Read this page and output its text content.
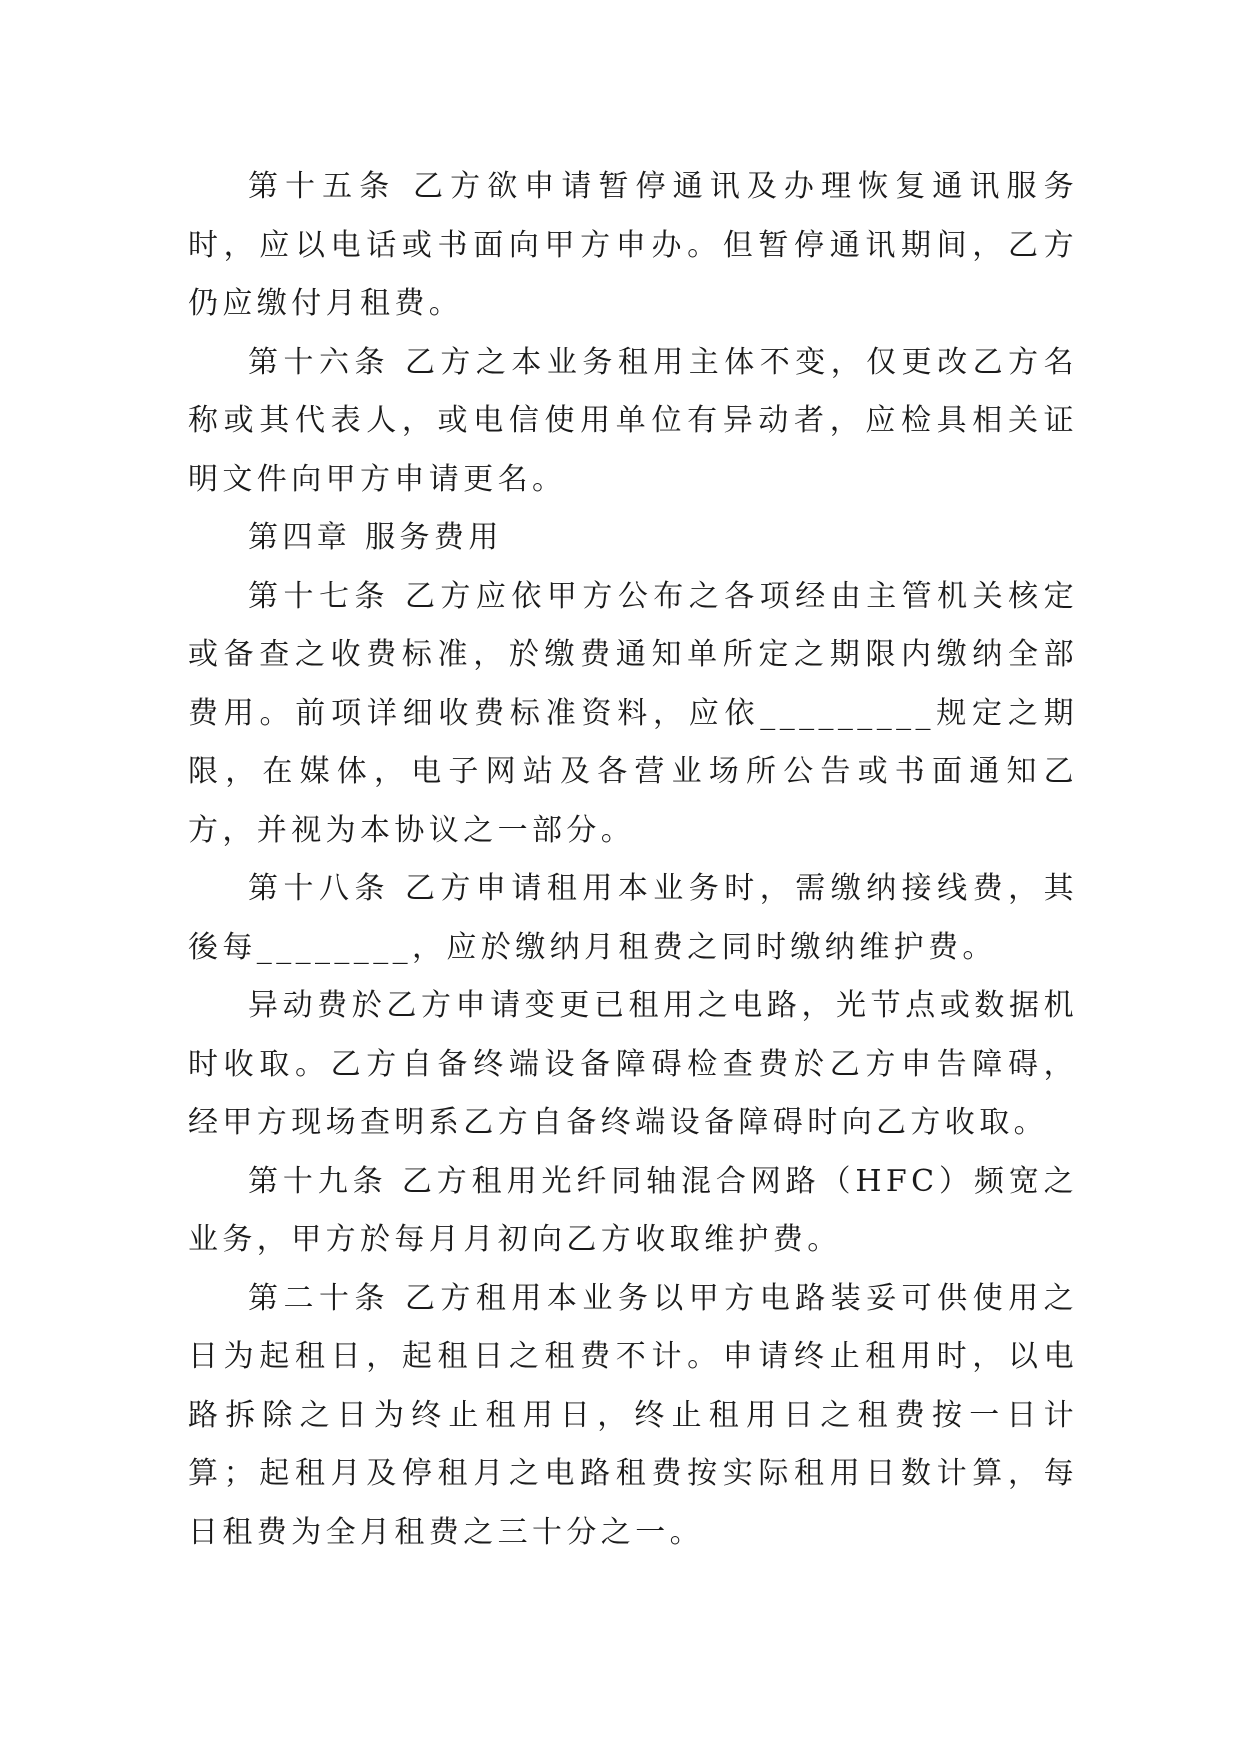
第十五条 乙方欲申请暂停通讯及办理恢复通讯服务时，应以电话或书面向甲方申办。但暂停通讯期间，乙方仍应缴付月租费。

第十六条 乙方之本业务租用主体不变，仅更改乙方名称或其代表人，或电信使用单位有异动者，应检具相关证明文件向甲方申请更名。

第四章 服务费用

第十七条 乙方应依甲方公布之各项经由主管机关核定或备查之收费标准，於缴费通知单所定之期限内缴纳全部费用。前项详细收费标准资料，应依_________规定之期限，在媒体，电子网站及各营业场所公告或书面通知乙方，并视为本协议之一部分。

第十八条 乙方申请租用本业务时，需缴纳接线费，其後每________，应於缴纳月租费之同时缴纳维护费。

异动费於乙方申请变更已租用之电路，光节点或数据机时收取。乙方自备终端设备障碍检查费於乙方申告障碍，经甲方现场查明系乙方自备终端设备障碍时向乙方收取。

第十九条 乙方租用光纤同轴混合网路（HFC）频宽之业务，甲方於每月月初向乙方收取维护费。

第二十条 乙方租用本业务以甲方电路装妥可供使用之日为起租日，起租日之租费不计。申请终止租用时，以电路拆除之日为终止租用日，终止租用日之租费按一日计算；起租月及停租月之电路租费按实际租用日数计算，每日租费为全月租费之三十分之一。
